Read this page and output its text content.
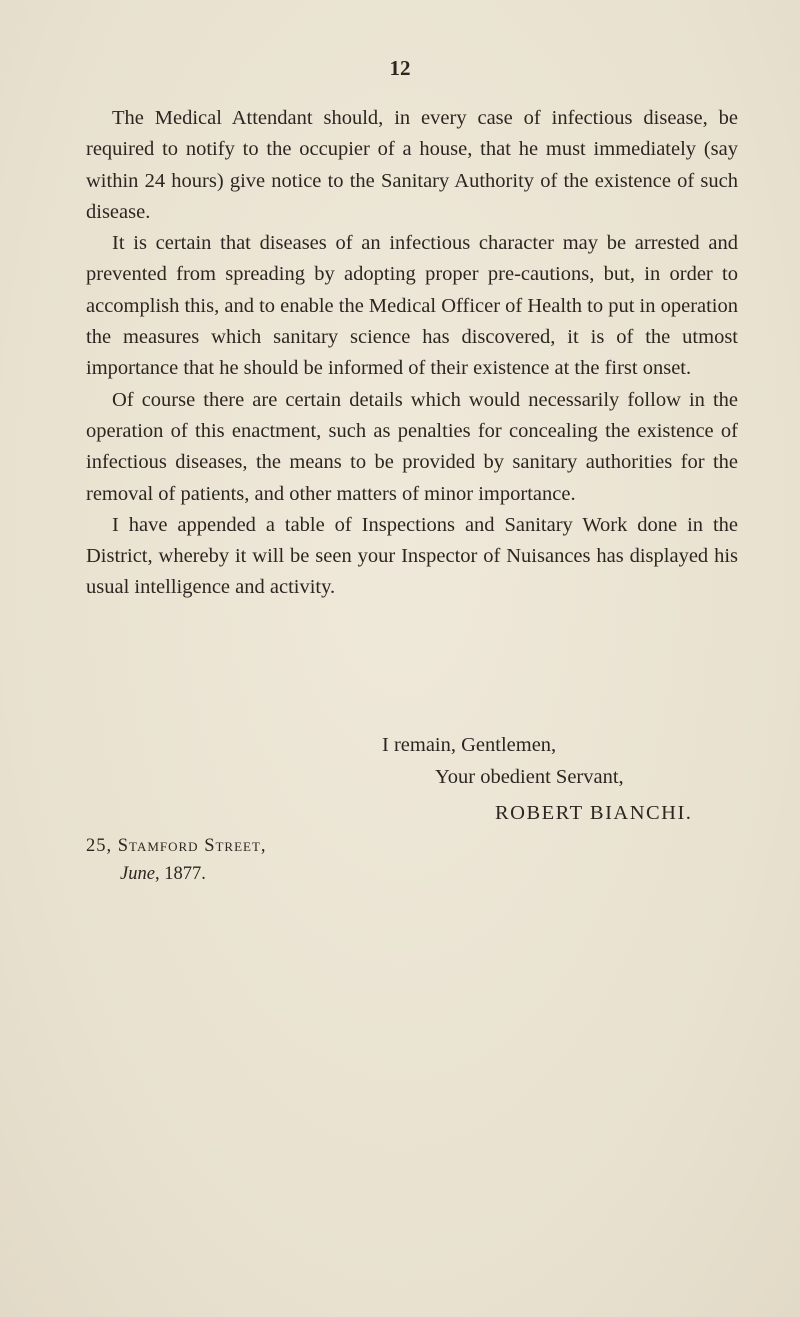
12

The Medical Attendant should, in every case of infectious disease, be required to notify to the occupier of a house, that he must immediately (say within 24 hours) give notice to the Sanitary Authority of the existence of such disease.

It is certain that diseases of an infectious character may be arrested and prevented from spreading by adopting proper pre-cautions, but, in order to accomplish this, and to enable the Medical Officer of Health to put in operation the measures which sanitary science has discovered, it is of the utmost importance that he should be informed of their existence at the first onset.

Of course there are certain details which would necessarily follow in the operation of this enactment, such as penalties for concealing the existence of infectious diseases, the means to be provided by sanitary authorities for the removal of patients, and other matters of minor importance.

I have appended a table of Inspections and Sanitary Work done in the District, whereby it will be seen your Inspector of Nuisances has displayed his usual intelligence and activity.

I remain, Gentlemen,
Your obedient Servant,
ROBERT BIANCHI.
25, Stamford Street,
June, 1877.
